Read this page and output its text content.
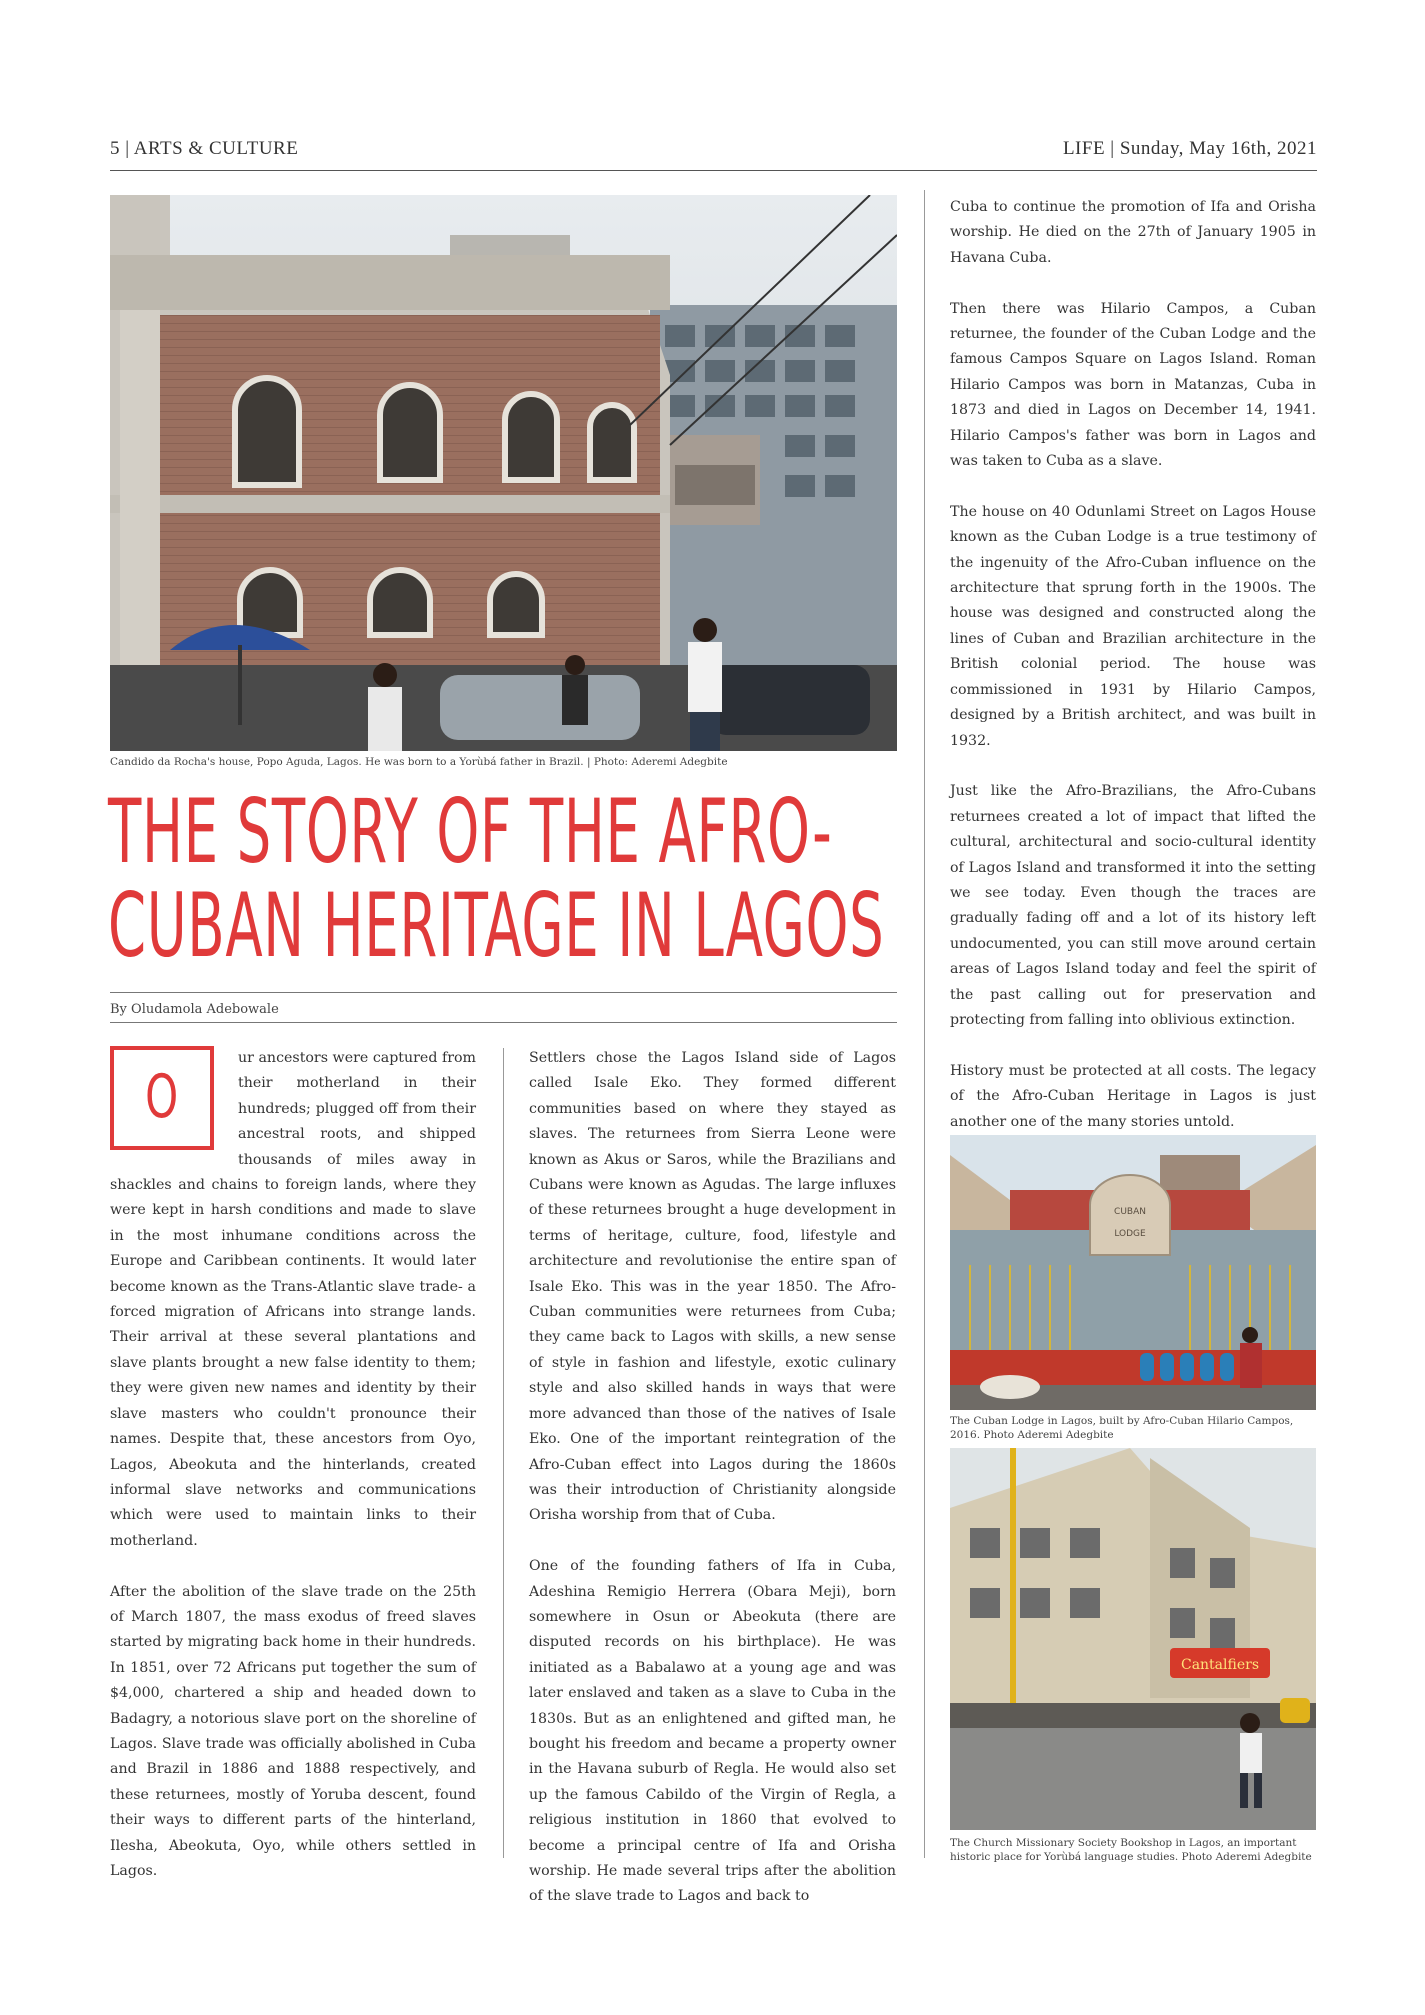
5 | ARTS & CULTURE	LIFE | Sunday, May 16th, 2021
Candido da Rocha's house, Popo Aguda, Lagos. He was born to a Yorùbá father in Brazil. | Photo: Aderemi Adegbite
THE STORY OF THE AFRO-
CUBAN HERITAGE IN LAGOS
By Oludamola Adebowale

O
ur ancestors were captured from their motherland in their hundreds; plugged off from their ancestral roots, and shipped thousands of miles away in shackles and chains to foreign lands, where they were kept in harsh conditions and made to slave in the most inhumane conditions across the Europe and Caribbean continents. It would later become known as the Trans-Atlantic slave trade- a forced migration of Africans into strange lands. Their arrival at these several plantations and slave plants brought a new false identity to them; they were given new names and identity by their slave masters who couldn't pronounce their names. Despite that, these ancestors from Oyo, Lagos, Abeokuta and the hinterlands, created informal slave networks and communications which were used to maintain links to their motherland.

After the abolition of the slave trade on the 25th of March 1807, the mass exodus of freed slaves started by migrating back home in their hundreds. In 1851, over 72 Africans put together the sum of $4,000, chartered a ship and headed down to Badagry, a notorious slave port on the shoreline of Lagos. Slave trade was officially abolished in Cuba and Brazil in 1886 and 1888 respectively, and these returnees, mostly of Yoruba descent, found their ways to different parts of the hinterland, Ilesha, Abeokuta, Oyo, while others settled in Lagos.

Settlers chose the Lagos Island side of Lagos called Isale Eko. They formed different communities based on where they stayed as slaves. The returnees from Sierra Leone were known as Akus or Saros, while the Brazilians and Cubans were known as Agudas. The large influxes of these returnees brought a huge development in terms of heritage, culture, food, lifestyle and architecture and revolutionise the entire span of Isale Eko. This was in the year 1850. The Afro-Cuban communities were returnees from Cuba; they came back to Lagos with skills, a new sense of style in fashion and lifestyle, exotic culinary style and also skilled hands in ways that were more advanced than those of the natives of Isale Eko. One of the important reintegration of the Afro-Cuban effect into Lagos during the 1860s was their introduction of Christianity alongside Orisha worship from that of Cuba.

One of the founding fathers of Ifa in Cuba, Adeshina Remigio Herrera (Obara Meji), born somewhere in Osun or Abeokuta (there are disputed records on his birthplace). He was initiated as a Babalawo at a young age and was later enslaved and taken as a slave to Cuba in the 1830s. But as an enlightened and gifted man, he bought his freedom and became a property owner in the Havana suburb of Regla. He would also set up the famous Cabildo of the Virgin of Regla, a religious institution in 1860 that evolved to become a principal centre of Ifa and Orisha worship. He made several trips after the abolition of the slave trade to Lagos and back to

Cuba to continue the promotion of Ifa and Orisha worship. He died on the 27th of January 1905 in Havana Cuba.

Then there was Hilario Campos, a Cuban returnee, the founder of the Cuban Lodge and the famous Campos Square on Lagos Island. Roman Hilario Campos was born in Matanzas, Cuba in 1873 and died in Lagos on December 14, 1941. Hilario Campos's father was born in Lagos and was taken to Cuba as a slave.

The house on 40 Odunlami Street on Lagos House known as the Cuban Lodge is a true testimony of the ingenuity of the Afro-Cuban influence on the architecture that sprung forth in the 1900s. The house was designed and constructed along the lines of Cuban and Brazilian architecture in the British colonial period. The house was commissioned in 1931 by Hilario Campos, designed by a British architect, and was built in 1932.

Just like the Afro-Brazilians, the Afro-Cubans returnees created a lot of impact that lifted the cultural, architectural and socio-cultural identity of Lagos Island and transformed it into the setting we see today. Even though the traces are gradually fading off and a lot of its history left undocumented, you can still move around certain areas of Lagos Island today and feel the spirit of the past calling out for preservation and protecting from falling into oblivious extinction.

History must be protected at all costs. The legacy of the Afro-Cuban Heritage in Lagos is just another one of the many stories untold.

CUBAN
LODGE
The Cuban Lodge in Lagos, built by Afro-Cuban Hilario Campos, 2016. Photo Aderemi Adegbite
Cantalfiers
The Church Missionary Society Bookshop in Lagos, an important historic place for Yorùbá language studies. Photo Aderemi Adegbite
